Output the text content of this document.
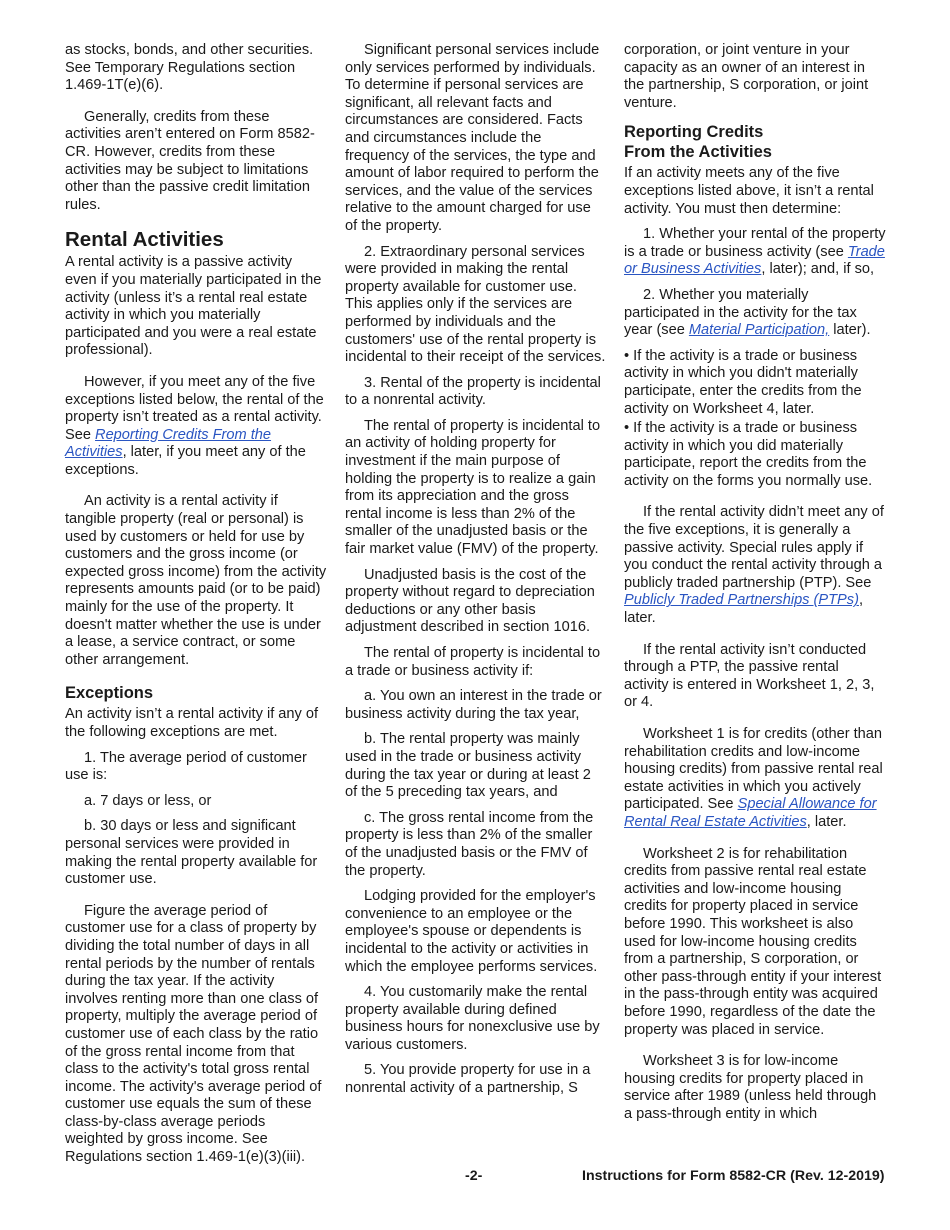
as stocks, bonds, and other securities. See Temporary Regulations section 1.469-1T(e)(6).

Generally, credits from these activities aren’t entered on Form 8582-CR. However, credits from these activities may be subject to limitations other than the passive credit limitation rules.

Rental Activities

A rental activity is a passive activity even if you materially participated in the activity (unless it’s a rental real estate activity in which you materially participated and you were a real estate professional).

However, if you meet any of the five exceptions listed below, the rental of the property isn’t treated as a rental activity. See Reporting Credits From the Activities, later, if you meet any of the exceptions.

An activity is a rental activity if tangible property (real or personal) is used by customers or held for use by customers and the gross income (or expected gross income) from the activity represents amounts paid (or to be paid) mainly for the use of the property. It doesn't matter whether the use is under a lease, a service contract, or some other arrangement.

Exceptions

An activity isn’t a rental activity if any of the following exceptions are met.

1. The average period of customer use is:

a. 7 days or less, or

b. 30 days or less and significant personal services were provided in making the rental property available for customer use.

Figure the average period of customer use for a class of property by dividing the total number of days in all rental periods by the number of rentals during the tax year. If the activity involves renting more than one class of property, multiply the average period of customer use of each class by the ratio of the gross rental income from that class to the activity's total gross rental income. The activity's average period of customer use equals the sum of these class-by-class average periods weighted by gross income. See Regulations section 1.469-1(e)(3)(iii).

Significant personal services include only services performed by individuals. To determine if personal services are significant, all relevant facts and circumstances are considered. Facts and circumstances include the frequency of the services, the type and amount of labor required to perform the services, and the value of the services relative to the amount charged for use of the property.

2. Extraordinary personal services were provided in making the rental property available for customer use. This applies only if the services are performed by individuals and the customers' use of the rental property is incidental to their receipt of the services.

3. Rental of the property is incidental to a nonrental activity.

The rental of property is incidental to an activity of holding property for investment if the main purpose of holding the property is to realize a gain from its appreciation and the gross rental income is less than 2% of the smaller of the unadjusted basis or the fair market value (FMV) of the property.

Unadjusted basis is the cost of the property without regard to depreciation deductions or any other basis adjustment described in section 1016.

The rental of property is incidental to a trade or business activity if:

a. You own an interest in the trade or business activity during the tax year,

b. The rental property was mainly used in the trade or business activity during the tax year or during at least 2 of the 5 preceding tax years, and

c. The gross rental income from the property is less than 2% of the smaller of the unadjusted basis or the FMV of the property.

Lodging provided for the employer's convenience to an employee or the employee's spouse or dependents is incidental to the activity or activities in which the employee performs services.

4. You customarily make the rental property available during defined business hours for nonexclusive use by various customers.

5. You provide property for use in a nonrental activity of a partnership, S

corporation, or joint venture in your capacity as an owner of an interest in the partnership, S corporation, or joint venture.

Reporting Credits
From the Activities

If an activity meets any of the five exceptions listed above, it isn’t a rental activity. You must then determine:

1. Whether your rental of the property is a trade or business activity (see Trade or Business Activities, later); and, if so,

2. Whether you materially participated in the activity for the tax year (see Material Participation, later).

• If the activity is a trade or business activity in which you didn't materially participate, enter the credits from the activity on Worksheet 4, later.

• If the activity is a trade or business activity in which you did materially participate, report the credits from the activity on the forms you normally use.

If the rental activity didn’t meet any of the five exceptions, it is generally a passive activity. Special rules apply if you conduct the rental activity through a publicly traded partnership (PTP). See Publicly Traded Partnerships (PTPs), later.

If the rental activity isn’t conducted through a PTP, the passive rental activity is entered in Worksheet 1, 2, 3, or 4.

Worksheet 1 is for credits (other than rehabilitation credits and low-income housing credits) from passive rental real estate activities in which you actively participated. See Special Allowance for Rental Real Estate Activities, later.

Worksheet 2 is for rehabilitation credits from passive rental real estate activities and low-income housing credits for property placed in service before 1990. This worksheet is also used for low-income housing credits from a partnership, S corporation, or other pass-through entity if your interest in the pass-through entity was acquired before 1990, regardless of the date the property was placed in service.

Worksheet 3 is for low-income housing credits for property placed in service after 1989 (unless held through a pass-through entity in which

-2-	Instructions for Form 8582-CR (Rev. 12-2019)
